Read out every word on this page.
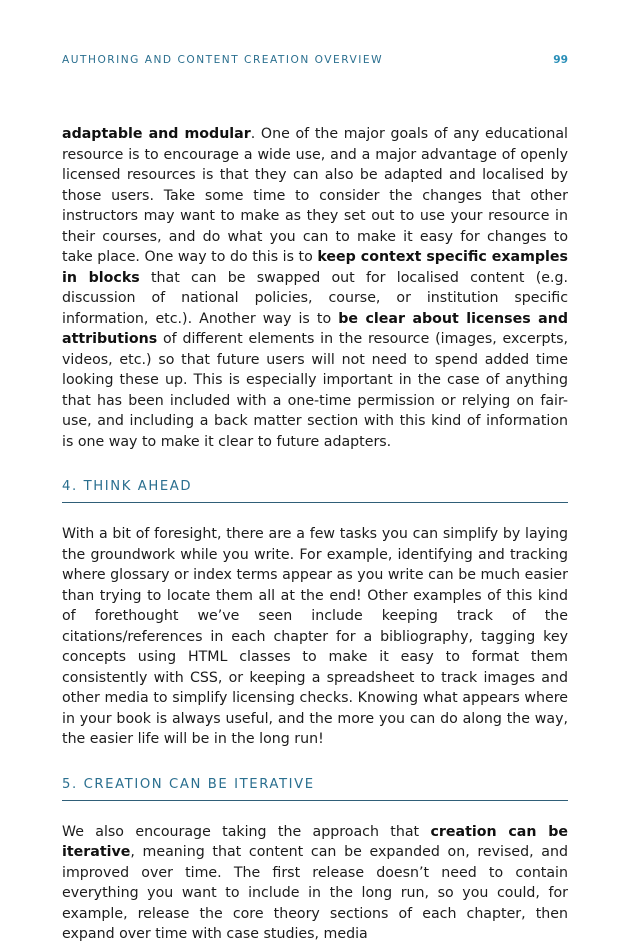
AUTHORING AND CONTENT CREATION OVERVIEW	99

adaptable and modular. One of the major goals of any educational resource is to encourage a wide use, and a major advantage of openly licensed resources is that they can also be adapted and localised by those users. Take some time to consider the changes that other instructors may want to make as they set out to use your resource in their courses, and do what you can to make it easy for changes to take place. One way to do this is to keep context specific examples in blocks that can be swapped out for localised content (e.g. discussion of national policies, course, or institution specific information, etc.). Another way is to be clear about licenses and attributions of different elements in the resource (images, excerpts, videos, etc.) so that future users will not need to spend added time looking these up. This is especially important in the case of anything that has been included with a one-time permission or relying on fair-use, and including a back matter section with this kind of information is one way to make it clear to future adapters.

4. THINK AHEAD

With a bit of foresight, there are a few tasks you can simplify by laying the groundwork while you write. For example, identifying and tracking where glossary or index terms appear as you write can be much easier than trying to locate them all at the end! Other examples of this kind of forethought we’ve seen include keeping track of the citations/references in each chapter for a bibliography, tagging key concepts using HTML classes to make it easy to format them consistently with CSS, or keeping a spreadsheet to track images and other media to simplify licensing checks. Knowing what appears where in your book is always useful, and the more you can do along the way, the easier life will be in the long run!

5. CREATION CAN BE ITERATIVE

We also encourage taking the approach that creation can be iterative, meaning that content can be expanded on, revised, and improved over time. The first release doesn’t need to contain everything you want to include in the long run, so you could, for example, release the core theory sections of each chapter, then expand over time with case studies, media
